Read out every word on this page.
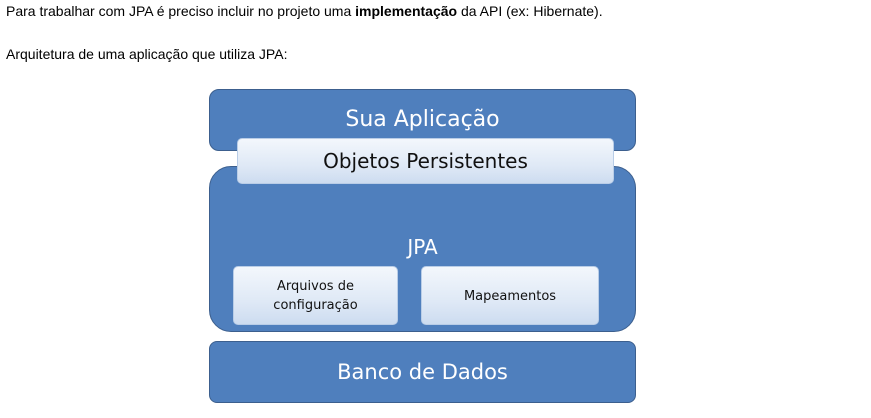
Para trabalhar com JPA é preciso incluir no projeto uma implementação da API (ex: Hibernate).
Arquitetura de uma aplicação que utiliza JPA:
Sua Aplicação
JPA
Objetos Persistentes
Arquivos de
configuração
Mapeamentos
Banco de Dados
